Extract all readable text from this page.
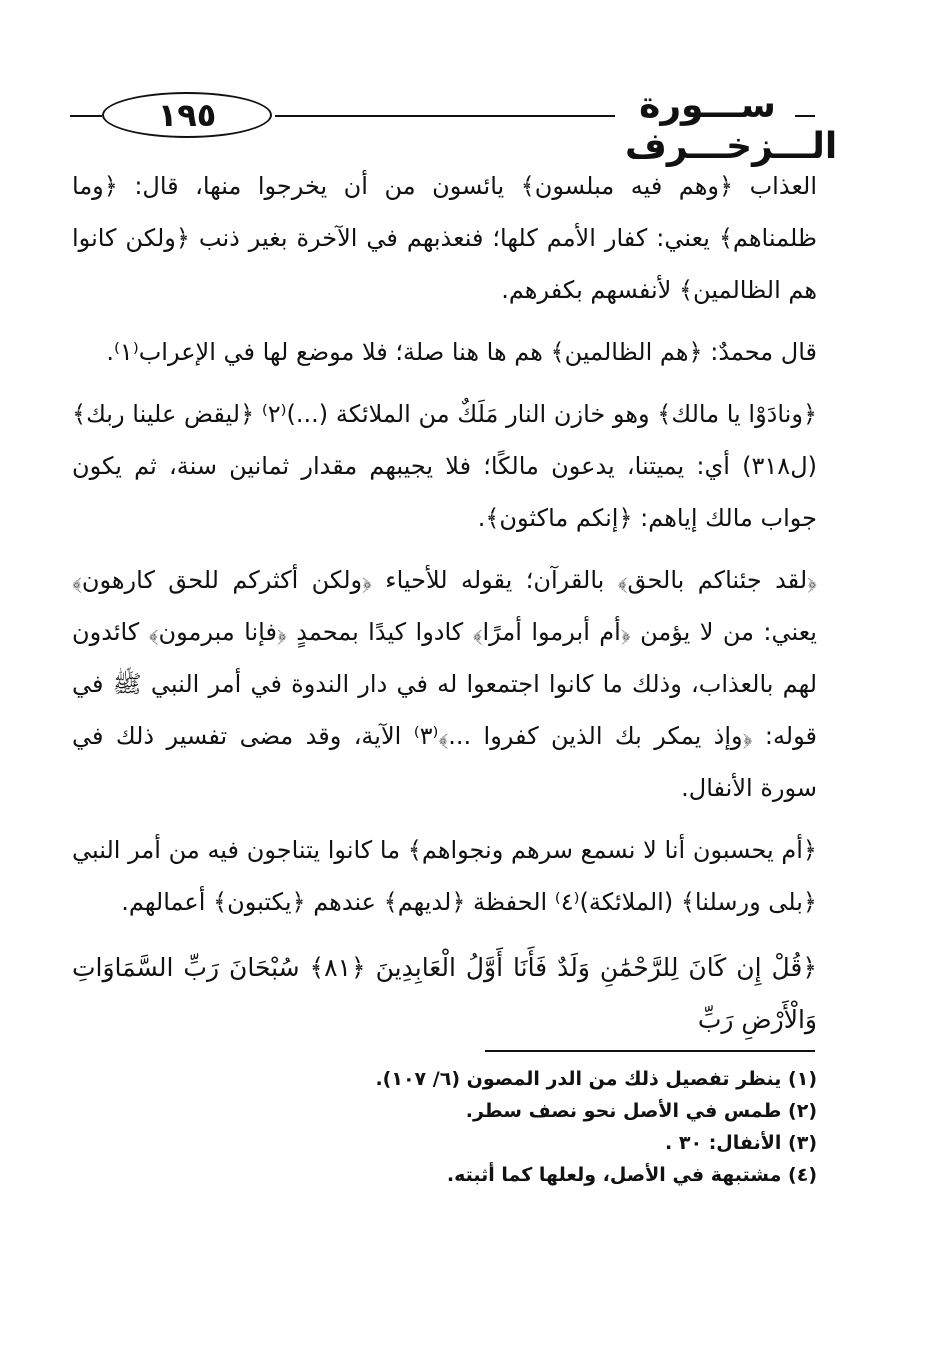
ســـورة الـــزخـــرف
١٩٥

العذاب ﴿وهم فيه مبلسون﴾ يائسون من أن يخرجوا منها، قال: ﴿وما ظلمناهم﴾ يعني: كفار الأمم كلها؛ فنعذبهم في الآخرة بغير ذنب ﴿ولكن كانوا هم الظالمين﴾ لأنفسهم بكفرهم.

قال محمدٌ: ﴿هم الظالمين﴾ هم ها هنا صلة؛ فلا موضع لها في الإعراب⁽١⁾.

﴿ونادَوْا يا مالك﴾ وهو خازن النار مَلَكٌ من الملائكة (...)⁽٢⁾ ﴿ليقض علينا ربك﴾ (ل٣١٨) أي: يميتنا، يدعون مالكًا؛ فلا يجيبهم مقدار ثمانين سنة، ثم يكون جواب مالك إياهم: ﴿إنكم ماكثون﴾.

﴿لقد جئناكم بالحق﴾ بالقرآن؛ يقوله للأحياء ﴿ولكن أكثركم للحق كارهون﴾ يعني: من لا يؤمن ﴿أم أبرموا أمرًا﴾ كادوا كيدًا بمحمدٍ ﴿فإنا مبرمون﴾ كائدون لهم بالعذاب، وذلك ما كانوا اجتمعوا له في دار الندوة في أمر النبي ﷺ في قوله: ﴿وإذ يمكر بك الذين كفروا ...﴾⁽٣⁾ الآية، وقد مضى تفسير ذلك في سورة الأنفال.

﴿أم يحسبون أنا لا نسمع سرهم ونجواهم﴾ ما كانوا يتناجون فيه من أمر النبي ﴿بلى ورسلنا﴾ (الملائكة)⁽٤⁾ الحفظة ﴿لديهم﴾ عندهم ﴿يكتبون﴾ أعمالهم.

﴿قُلْ إِن كَانَ لِلرَّحْمَٰنِ وَلَدٌ فَأَنَا أَوَّلُ الْعَابِدِينَ ﴿٨١﴾ سُبْحَانَ رَبِّ السَّمَاوَاتِ وَالْأَرْضِ رَبِّ

(١) ينظر تفصيل ذلك من الدر المصون (٦/ ١٠٧).
(٢) طمس في الأصل نحو نصف سطر.
(٣) الأنفال: ٣٠ .
(٤) مشتبهة في الأصل، ولعلها كما أثبته.
